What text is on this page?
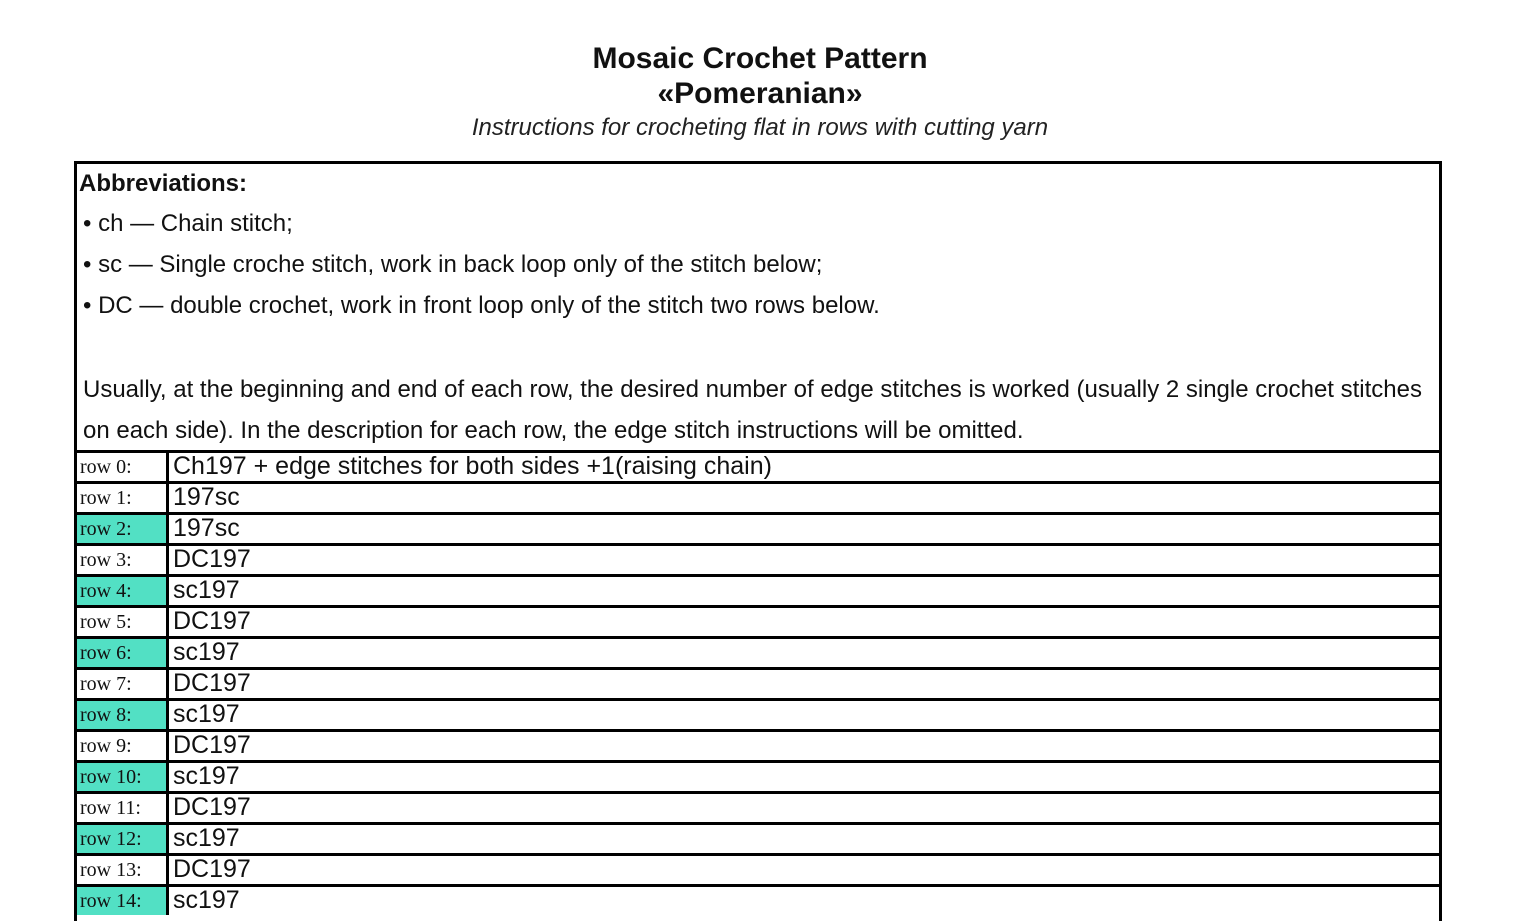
Mosaic Crochet Pattern
«Pomeranian»
Instructions for crocheting flat in rows with cutting yarn
Abbreviations:
• ch — Chain stitch;
• sc — Single croche stitch, work in back loop only of the stitch below;
• DC — double crochet, work in front loop only of the stitch two rows below.
Usually, at the beginning and end of each row, the desired number of edge stitches is worked (usually 2 single crochet stitches on each side). In the description for each row, the edge stitch instructions will be omitted.
row 0:	Ch197 + edge stitches for both sides +1(raising chain)
row 1:	197sc
row 2:	197sc
row 3:	DC197
row 4:	sc197
row 5:	DC197
row 6:	sc197
row 7:	DC197
row 8:	sc197
row 9:	DC197
row 10:	sc197
row 11:	DC197
row 12:	sc197
row 13:	DC197
row 14:	sc197
